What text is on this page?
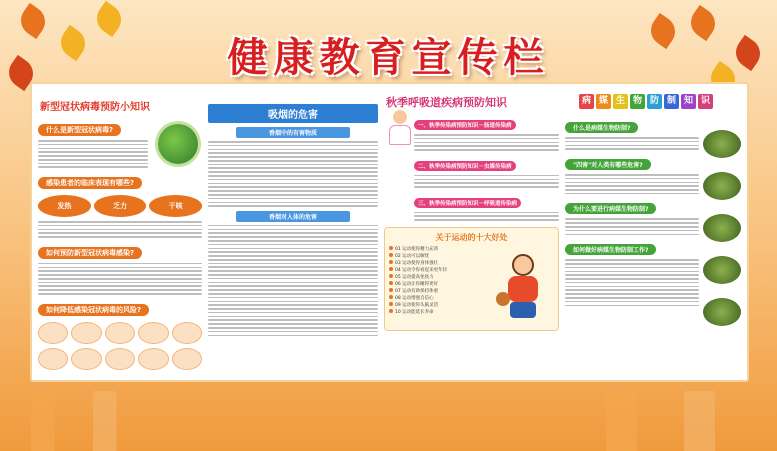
健康教育宣传栏
新型冠状病毒预防小知识
什么是新型冠状病毒?
感染患者的临床表现有哪些?
发热	乏力	干咳
如何预防新型冠状病毒感染?
如何降低感染冠状病毒的风险?
吸烟的危害
香烟中的有害物质
香烟对人体的危害
秋季呼吸道疾病预防知识
一、秋季传染病预防知识－肠道传染病
二、秋季传染病预防知识－虫媒传染病
三、秋季传染病预防知识－呼吸道传染病
关于运动的十大好处
01 运动使你精力充沛
02 运动可以解忧
03 运动使你身体强壮
04 运动令你看起来更年轻
05 运动提高免疫力
06 运动让你睡得更好
07 运动有助保持体重
08 运动增强自信心
09 运动使你头脑灵活
10 运动能延长寿命
病 媒 生 物 防 制 知 识
什么是病媒生物防制?
"四害"对人类有哪些危害?
为什么要进行病媒生物防制?
如何做好病媒生物防制工作?
